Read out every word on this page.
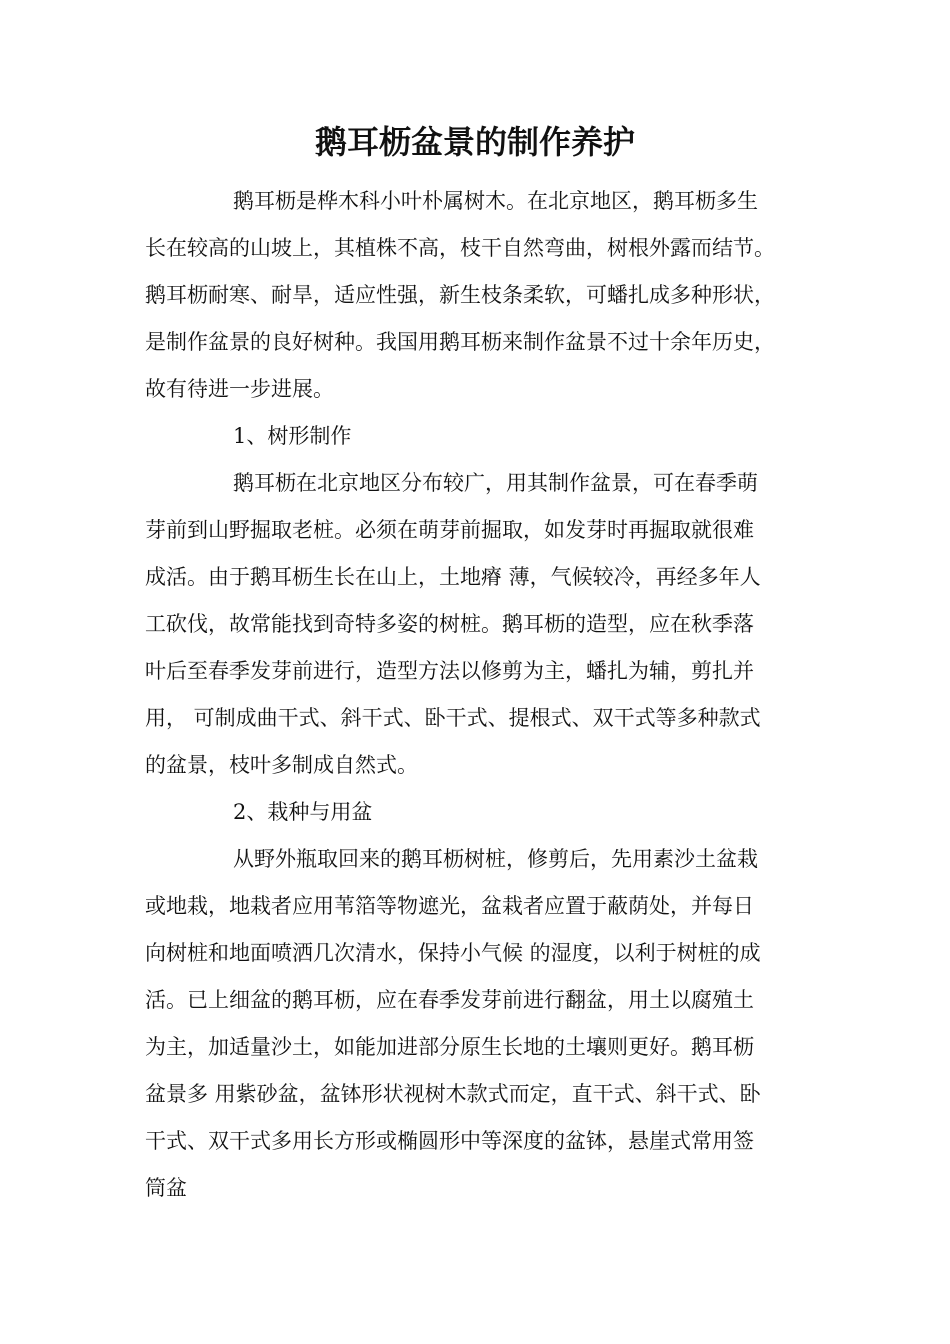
鹅耳枥盆景的制作养护
鹅耳枥是桦木科小叶朴属树木。在北京地区，鹅耳枥多生
长在较高的山坡上，其植株不高，枝干自然弯曲，树根外露而结节。
鹅耳枥耐寒、耐旱，适应性强，新生枝条柔软，可蟠扎成多种形状，
是制作盆景的良好树种。我国用鹅耳枥来制作盆景不过十余年历史，
故有待进一步进展。
1、树形制作
鹅耳枥在北京地区分布较广，用其制作盆景，可在春季萌
芽前到山野掘取老桩。必须在萌芽前掘取，如发芽时再掘取就很难
成活。由于鹅耳枥生长在山上，土地瘠 薄，气候较冷，再经多年人
工砍伐，故常能找到奇特多姿的树桩。鹅耳枥的造型，应在秋季落
叶后至春季发芽前进行，造型方法以修剪为主，蟠扎为辅，剪扎并
用， 可制成曲干式、斜干式、卧干式、提根式、双干式等多种款式
的盆景，枝叶多制成自然式。
2、栽种与用盆
从野外瓶取回来的鹅耳枥树桩，修剪后，先用素沙土盆栽
或地栽，地栽者应用苇箔等物遮光，盆栽者应置于蔽荫处，并每日
向树桩和地面喷洒几次清水，保持小气候 的湿度，以利于树桩的成
活。已上细盆的鹅耳枥，应在春季发芽前进行翻盆，用土以腐殖土
为主，加适量沙土，如能加进部分原生长地的土壤则更好。鹅耳枥
盆景多 用紫砂盆，盆钵形状视树木款式而定，直干式、斜干式、卧
干式、双干式多用长方形或椭圆形中等深度的盆钵，悬崖式常用签
筒盆
